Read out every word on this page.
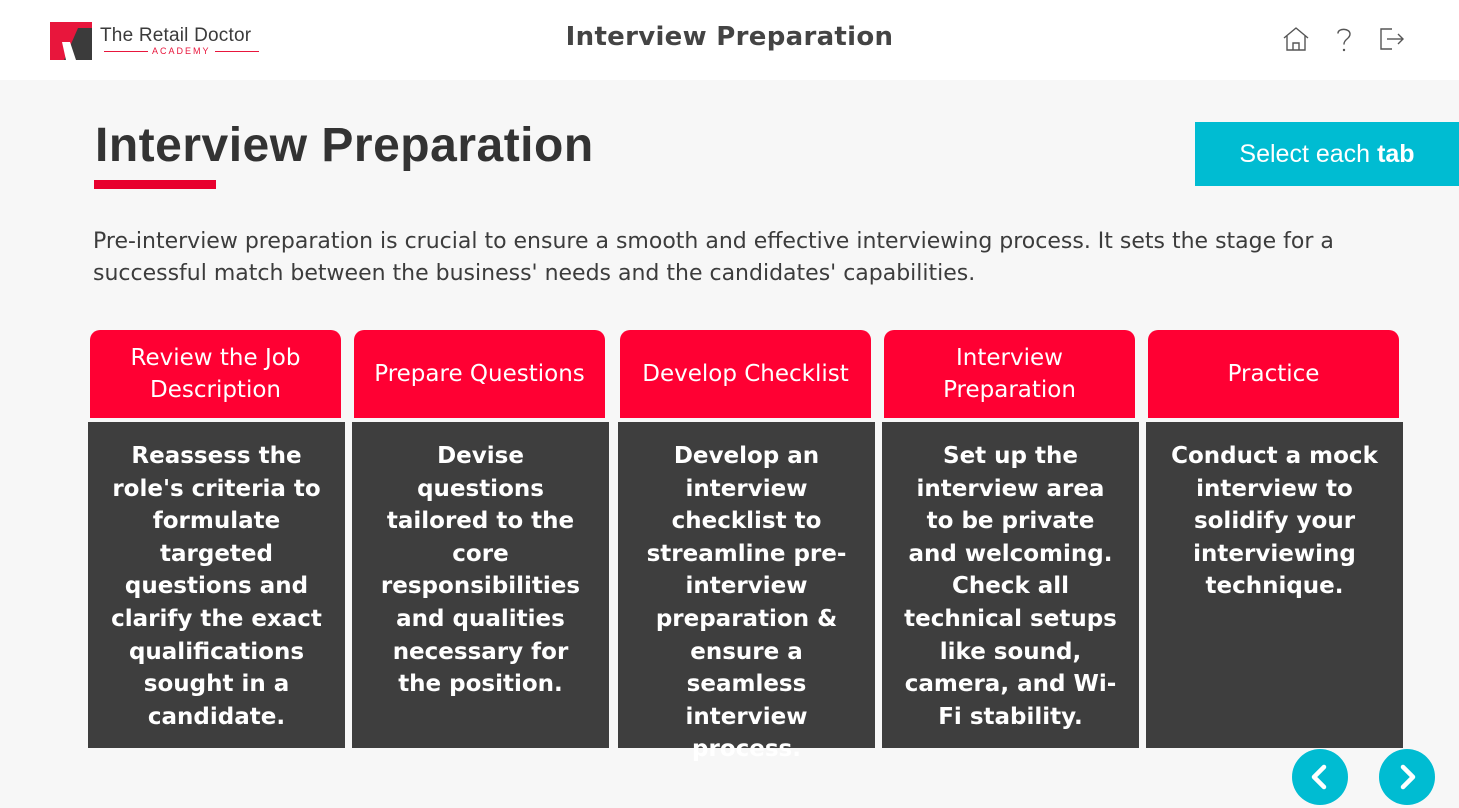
The Retail Doctor
ACADEMY	Interview Preparation
Interview Preparation	Select each tab

Pre-interview preparation is crucial to ensure a smooth and effective interviewing process. It sets the stage for a successful match between the business' needs and the candidates' capabilities.

Review the Job Description
Reassess the role's criteria to formulate targeted questions and clarify the exact qualifications sought in a candidate.
Prepare Questions
Devise questions tailored to the core responsibilities and qualities necessary for the position.
Develop Checklist
Develop an interview checklist to streamline pre-interview preparation & ensure a seamless interview process.
Interview Preparation
Set up the interview area to be private and welcoming. Check all technical setups like sound, camera, and Wi-Fi stability.
Practice
Conduct a mock interview to solidify your interviewing technique.
